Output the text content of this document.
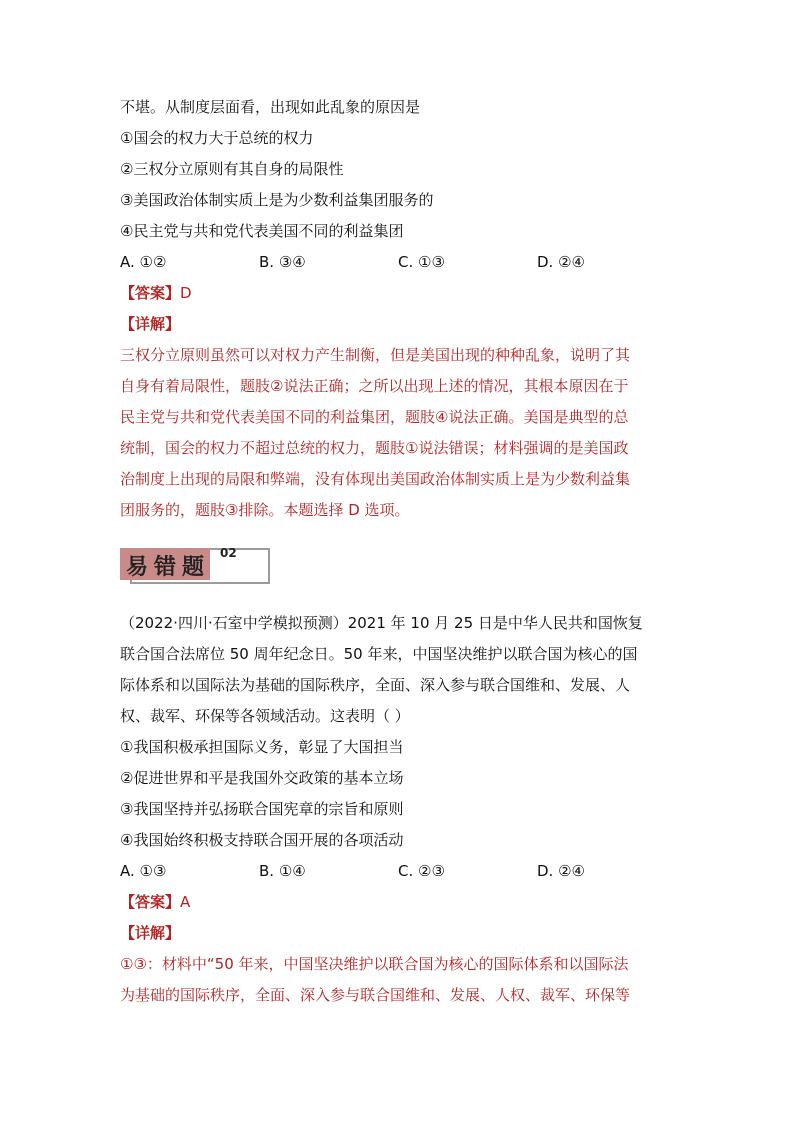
不堪。从制度层面看，出现如此乱象的原因是
①国会的权力大于总统的权力
②三权分立原则有其自身的局限性
③美国政治体制实质上是为少数利益集团服务的
④民主党与共和党代表美国不同的利益集团
A. ①②	B. ③④	C. ①③	D. ②④
【答案】D
【详解】
三权分立原则虽然可以对权力产生制衡，但是美国出现的种种乱象，说明了其
自身有着局限性，题肢②说法正确；之所以出现上述的情况，其根本原因在于
民主党与共和党代表美国不同的利益集团，题肢④说法正确。美国是典型的总
统制，国会的权力不超过总统的权力，题肢①说法错误；材料强调的是美国政
治制度上出现的局限和弊端，没有体现出美国政治体制实质上是为少数利益集
团服务的，题肢③排除。本题选择 D 选项。
易错题
02
（2022·四川·石室中学模拟预测）2021 年 10 月 25 日是中华人民共和国恢复
联合国合法席位 50 周年纪念日。50 年来，中国坚决维护以联合国为核心的国
际体系和以国际法为基础的国际秩序，全面、深入参与联合国维和、发展、人
权、裁军、环保等各领域活动。这表明（ ）
①我国积极承担国际义务，彰显了大国担当
②促进世界和平是我国外交政策的基本立场
③我国坚持并弘扬联合国宪章的宗旨和原则
④我国始终积极支持联合国开展的各项活动
A. ①③	B. ①④	C. ②③	D. ②④
【答案】A
【详解】
①③：材料中“50 年来，中国坚决维护以联合国为核心的国际体系和以国际法
为基础的国际秩序，全面、深入参与联合国维和、发展、人权、裁军、环保等
